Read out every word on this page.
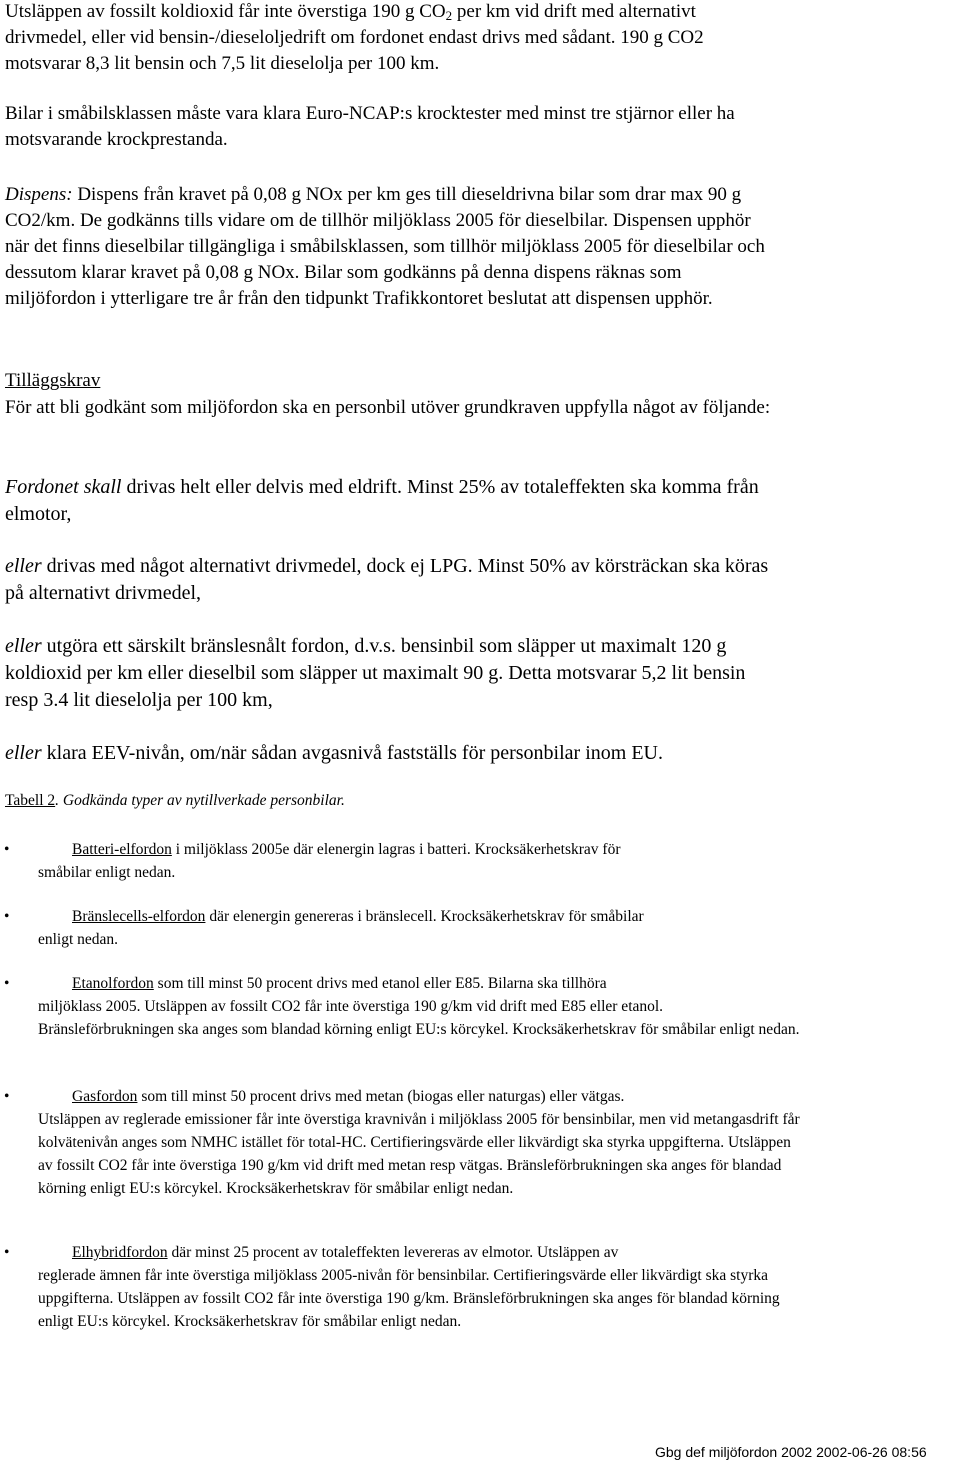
Utsläppen av fossilt koldioxid får inte överstiga 190 g $CO_2$ per km vid drift med alternativt drivmedel, eller vid bensin-/dieseloljedrift om fordonet endast drivs med sådant. 190 g CO2 motsvarar 8,3 lit bensin och 7,5 lit dieselolja per 100 km.

Bilar i småbilsklassen måste vara klara Euro-NCAP:s krocktester med minst tre stjärnor eller ha motsvarande krockprestanda.

Dispens: Dispens från kravet på 0,08 g NOx per km ges till dieseldrivna bilar som drar max 90 g CO2/km. De godkänns tills vidare om de tillhör miljöklass 2005 för dieselbilar. Dispensen upphör när det finns dieselbilar tillgängliga i småbilsklassen, som tillhör miljöklass 2005 för dieselbilar och dessutom klarar kravet på 0,08 g NOx. Bilar som godkänns på denna dispens räknas som miljöfordon i ytterligare tre år från den tidpunkt Trafikkontoret beslutat att dispensen upphör.

Tilläggskrav

För att bli godkänt som miljöfordon ska en personbil utöver grundkraven uppfylla något av följande:

Fordonet skall drivas helt eller delvis med eldrift. Minst 25% av totaleffekten ska komma från elmotor,

eller drivas med något alternativt drivmedel, dock ej LPG. Minst 50% av körsträckan ska köras på alternativt drivmedel,

eller utgöra ett särskilt bränslesnålt fordon, d.v.s. bensinbil som släpper ut maximalt 120 g koldioxid per km eller dieselbil som släpper ut maximalt 90 g. Detta motsvarar 5,2 lit bensin resp 3.4 lit dieselolja per 100 km,

eller klara EEV-nivån, om/när sådan avgasnivå fastställs för personbilar inom EU.

Tabell 2. Godkända typer av nytillverkade personbilar.

•	Batteri-elfordon i miljöklass 2005e där elenergin lagras i batteri. Krocksäkerhetskrav för
småbilar enligt nedan.
•	Bränslecells-elfordon där elenergin genereras i bränslecell. Krocksäkerhetskrav för småbilar
enligt nedan.
•	Etanolfordon som till minst 50 procent drivs med etanol eller E85. Bilarna ska tillhöra
miljöklass 2005. Utsläppen av fossilt CO2 får inte överstiga 190 g/km vid drift med E85 eller etanol. Bränsleförbrukningen ska anges som blandad körning enligt EU:s körcykel. Krocksäkerhetskrav för småbilar enligt nedan.
•	Gasfordon som till minst 50 procent drivs med metan (biogas eller naturgas) eller vätgas.
Utsläppen av reglerade emissioner får inte överstiga kravnivån i miljöklass 2005 för bensinbilar, men vid metangasdrift får kolvätenivån anges som NMHC istället för total-HC. Certifieringsvärde eller likvärdigt ska styrka uppgifterna. Utsläppen av fossilt CO2 får inte överstiga 190 g/km vid drift med metan resp vätgas. Bränsleförbrukningen ska anges för blandad körning enligt EU:s körcykel. Krocksäkerhetskrav för småbilar enligt nedan.
•	Elhybridfordon där minst 25 procent av totaleffekten levereras av elmotor. Utsläppen av
reglerade ämnen får inte överstiga miljöklass 2005-nivån för bensinbilar. Certifieringsvärde eller likvärdigt ska styrka uppgifterna. Utsläppen av fossilt CO2 får inte överstiga 190 g/km. Bränsleförbrukningen ska anges för blandad körning enligt EU:s körcykel. Krocksäkerhetskrav för småbilar enligt nedan.

Gbg def miljöfordon 2002 2002-06-26 08:56
